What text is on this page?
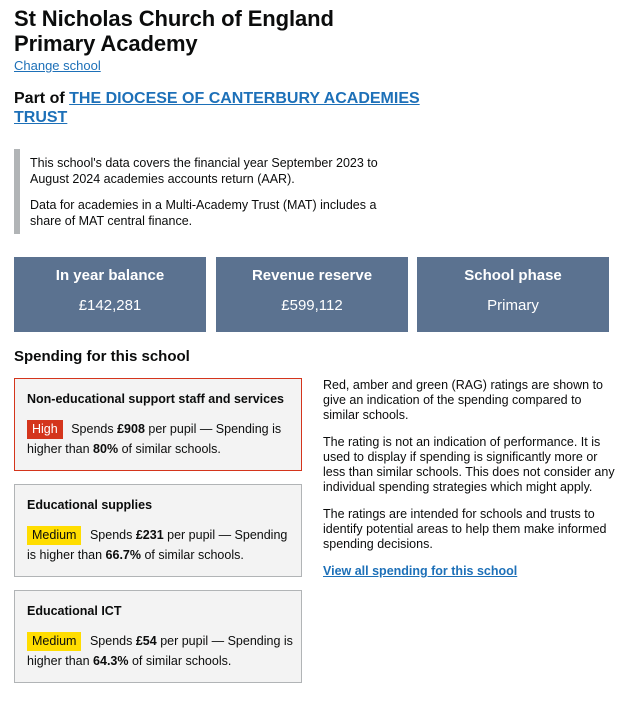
St Nicholas Church of England
Primary Academy
Change school
Part of THE DIOCESE OF CANTERBURY ACADEMIES
TRUST

This school's data covers the financial year September 2023 to August 2024 academies accounts return (AAR).

Data for academies in a Multi-Academy Trust (MAT) includes a share of MAT central finance.

In year balance
£142,281
Revenue reserve
£599,112
School phase
Primary
Spending for this school
Non-educational support staff and services
High Spends £908 per pupil — Spending is higher than 80% of similar schools.
Educational supplies
Medium Spends £231 per pupil — Spending is higher than 66.7% of similar schools.
Educational ICT
Medium Spends £54 per pupil — Spending is higher than 64.3% of similar schools.

Red, amber and green (RAG) ratings are shown to give an indication of the spending compared to similar schools.

The rating is not an indication of performance. It is used to display if spending is significantly more or less than similar schools. This does not consider any individual spending strategies which might apply.

The ratings are intended for schools and trusts to identify potential areas to help them make informed spending decisions.

View all spending for this school
